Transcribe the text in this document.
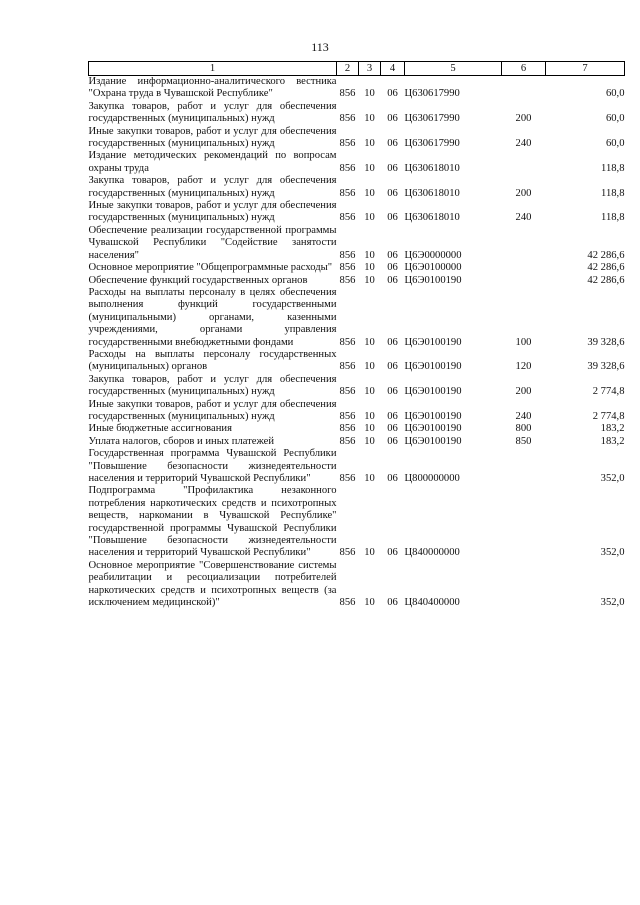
113
1	2	3	4	5	6	7
Издание информационно-аналитического вестника "Охрана труда в Чувашской Республике"	856	10	06	Ц630617990		60,0
Закупка товаров, работ и услуг для обеспечения государственных (муниципальных) нужд	856	10	06	Ц630617990	200	60,0
Иные закупки товаров, работ и услуг для обеспечения государственных (муниципальных) нужд	856	10	06	Ц630617990	240	60,0
Издание методических рекомендаций по вопросам охраны труда	856	10	06	Ц630618010		118,8
Закупка товаров, работ и услуг для обеспечения государственных (муниципальных) нужд	856	10	06	Ц630618010	200	118,8
Иные закупки товаров, работ и услуг для обеспечения государственных (муниципальных) нужд	856	10	06	Ц630618010	240	118,8
Обеспечение реализации государственной программы Чувашской Республики "Содействие занятости населения"	856	10	06	Ц6Э0000000		42 286,6
Основное мероприятие "Общепрограммные расходы"	856	10	06	Ц6Э0100000		42 286,6
Обеспечение функций государственных органов	856	10	06	Ц6Э0100190		42 286,6
Расходы на выплаты персоналу в целях обеспечения выполнения функций государственными (муниципальными) органами, казенными учреждениями, органами управления государственными внебюджетными фондами	856	10	06	Ц6Э0100190	100	39 328,6
Расходы на выплаты персоналу государственных (муниципальных) органов	856	10	06	Ц6Э0100190	120	39 328,6
Закупка товаров, работ и услуг для обеспечения государственных (муниципальных) нужд	856	10	06	Ц6Э0100190	200	2 774,8
Иные закупки товаров, работ и услуг для обеспечения государственных (муниципальных) нужд	856	10	06	Ц6Э0100190	240	2 774,8
Иные бюджетные ассигнования	856	10	06	Ц6Э0100190	800	183,2
Уплата налогов, сборов и иных платежей	856	10	06	Ц6Э0100190	850	183,2
Государственная программа Чувашской Республики "Повышение безопасности жизнедеятельности населения и территорий Чувашской Республики"	856	10	06	Ц800000000		352,0
Подпрограмма "Профилактика незаконного потребления наркотических средств и психотропных веществ, наркомании в Чувашской Республике" государственной программы Чувашской Республики "Повышение безопасности жизнедеятельности населения и территорий Чувашской Республики"	856	10	06	Ц840000000		352,0
Основное мероприятие "Совершенствование системы реабилитации и ресоциализации потребителей наркотических средств и психотропных веществ (за исключением медицинской)"	856	10	06	Ц840400000		352,0
